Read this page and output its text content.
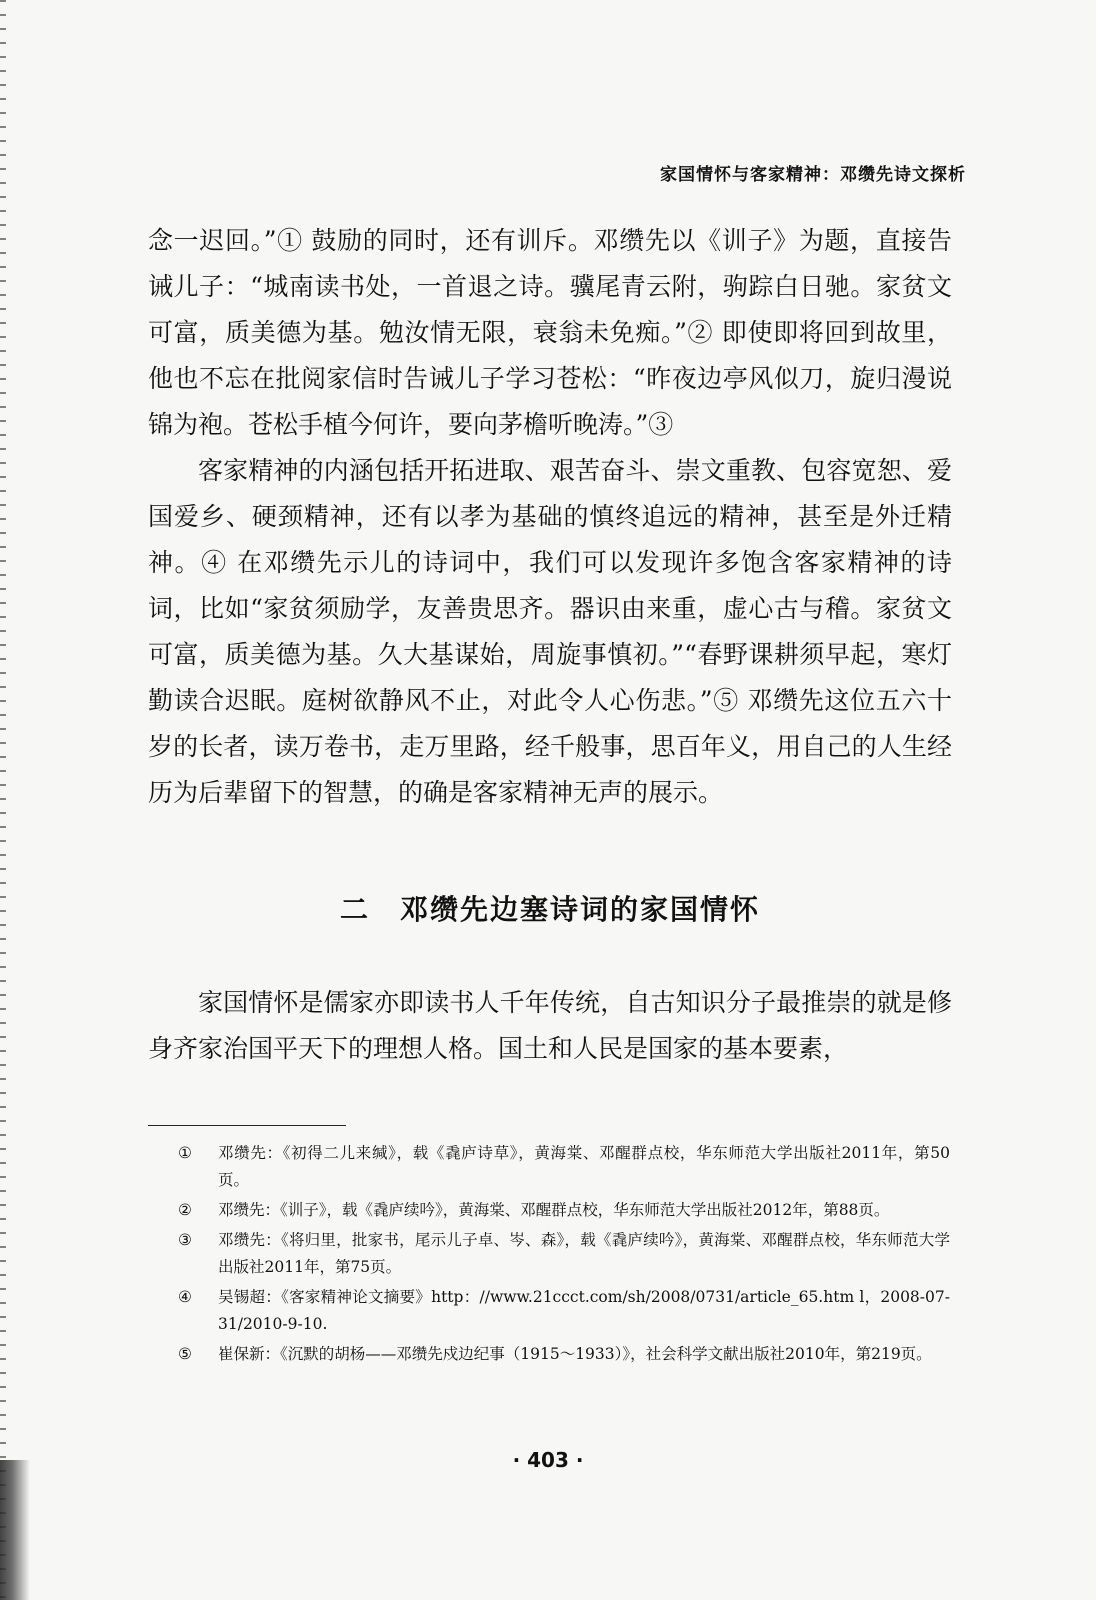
家国情怀与客家精神：邓缵先诗文探析

念一迟回。”① 鼓励的同时，还有训斥。邓缵先以《训子》为题，直接告诫儿子：“城南读书处，一首退之诗。骥尾青云附，驹踪白日驰。家贫文可富，质美德为基。勉汝情无限，衰翁未免痴。”② 即使即将回到故里，他也不忘在批阅家信时告诫儿子学习苍松：“昨夜边亭风似刀，旋归漫说锦为袍。苍松手植今何许，要向茅檐听晚涛。”③

客家精神的内涵包括开拓进取、艰苦奋斗、崇文重教、包容宽恕、爱国爱乡、硬颈精神，还有以孝为基础的慎终追远的精神，甚至是外迁精神。④ 在邓缵先示儿的诗词中，我们可以发现许多饱含客家精神的诗词，比如“家贫须励学，友善贵思齐。器识由来重，虚心古与稽。家贫文可富，质美德为基。久大基谋始，周旋事慎初。”“春野课耕须早起，寒灯勤读合迟眠。庭树欲静风不止，对此令人心伤悲。”⑤ 邓缵先这位五六十岁的长者，读万卷书，走万里路，经千般事，思百年义，用自己的人生经历为后辈留下的智慧，的确是客家精神无声的展示。

二 邓缵先边塞诗词的家国情怀

家国情怀是儒家亦即读书人千年传统，自古知识分子最推崇的就是修身齐家治国平天下的理想人格。国土和人民是国家的基本要素，

① 邓缵先：《初得二儿来缄》，载《毳庐诗草》，黄海棠、邓醒群点校，华东师范大学出版社2011年，第50页。
② 邓缵先：《训子》，载《毳庐续吟》，黄海棠、邓醒群点校，华东师范大学出版社2012年，第88页。
③ 邓缵先：《将归里，批家书，尾示儿子卓、岑、森》，载《毳庐续吟》，黄海棠、邓醒群点校，华东师范大学出版社2011年，第75页。
④ 吴锡超：《客家精神论文摘要》http：//www.21ccct.com/sh/2008/0731/article_65.htm l，2008-07-31/2010-9-10.
⑤ 崔保新：《沉默的胡杨——邓缵先戍边纪事（1915～1933）》，社会科学文献出版社2010年，第219页。
· 403 ·
